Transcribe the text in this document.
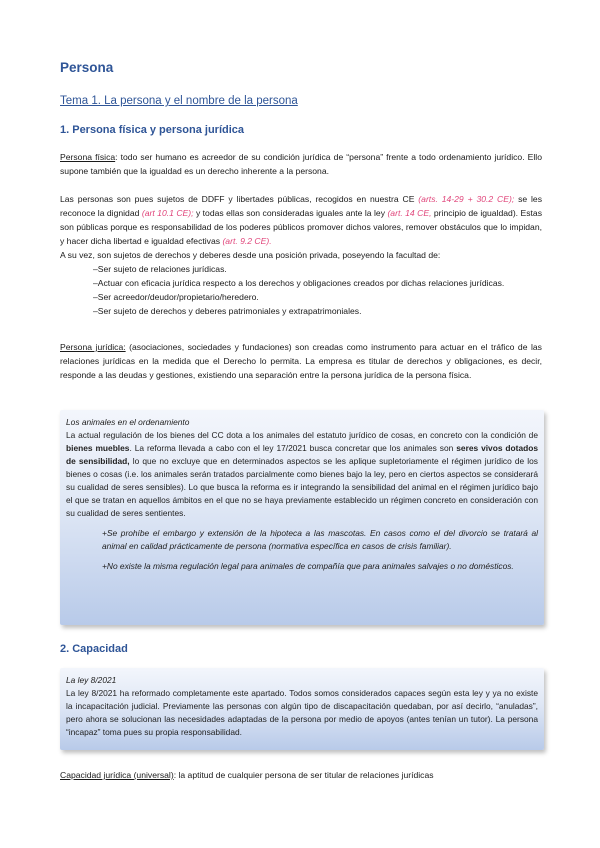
Persona
Tema 1. La persona y el nombre de la persona
1. Persona física y persona jurídica
Persona física: todo ser humano es acreedor de su condición jurídica de “persona” frente a todo ordenamiento jurídico. Ello supone también que la igualdad es un derecho inherente a la persona.
Las personas son pues sujetos de DDFF y libertades públicas, recogidos en nuestra CE (arts. 14-29 + 30.2 CE); se les reconoce la dignidad (art 10.1 CE); y todas ellas son consideradas iguales ante la ley (art. 14 CE, principio de igualdad). Estas son públicas porque es responsabilidad de los poderes públicos promover dichos valores, remover obstáculos que lo impidan, y hacer dicha libertad e igualdad efectivas (art. 9.2 CE).
A su vez, son sujetos de derechos y deberes desde una posición privada, poseyendo la facultad de:
–Ser sujeto de relaciones jurídicas.
–Actuar con eficacia jurídica respecto a los derechos y obligaciones creados por dichas relaciones jurídicas.
–Ser acreedor/deudor/propietario/heredero.
–Ser sujeto de derechos y deberes patrimoniales y extrapatrimoniales.
Persona jurídica: (asociaciones, sociedades y fundaciones) son creadas como instrumento para actuar en el tráfico de las relaciones jurídicas en la medida que el Derecho lo permita. La empresa es titular de derechos y obligaciones, es decir, responde a las deudas y gestiones, existiendo una separación entre la persona jurídica de la persona física.
Los animales en el ordenamiento
La actual regulación de los bienes del CC dota a los animales del estatuto jurídico de cosas, en concreto con la condición de bienes muebles. La reforma llevada a cabo con el ley 17/2021 busca concretar que los animales son seres vivos dotados de sensibilidad, lo que no excluye que en determinados aspectos se les aplique supletoriamente el régimen jurídico de los bienes o cosas (i.e. los animales serán tratados parcialmente como bienes bajo la ley, pero en ciertos aspectos se considerará su cualidad de seres sensibles). Lo que busca la reforma es ir integrando la sensibilidad del animal en el régimen jurídico bajo el que se tratan en aquellos ámbitos en el que no se haya previamente establecido un régimen concreto en consideración con su cualidad de seres sentientes.
+Se prohíbe el embargo y extensión de la hipoteca a las mascotas. En casos como el del divorcio se tratará al animal en calidad prácticamente de persona (normativa específica en casos de crisis familiar).
+No existe la misma regulación legal para animales de compañía que para animales salvajes o no domésticos.
2. Capacidad
La ley 8/2021
La ley 8/2021 ha reformado completamente este apartado. Todos somos considerados capaces según esta ley y ya no existe la incapacitación judicial. Previamente las personas con algún tipo de discapacitación quedaban, por así decirlo, “anuladas”, pero ahora se solucionan las necesidades adaptadas de la persona por medio de apoyos (antes tenían un tutor). La persona “incapaz” toma pues su propia responsabilidad.
Capacidad jurídica (universal): la aptitud de cualquier persona de ser titular de relaciones jurídicas
